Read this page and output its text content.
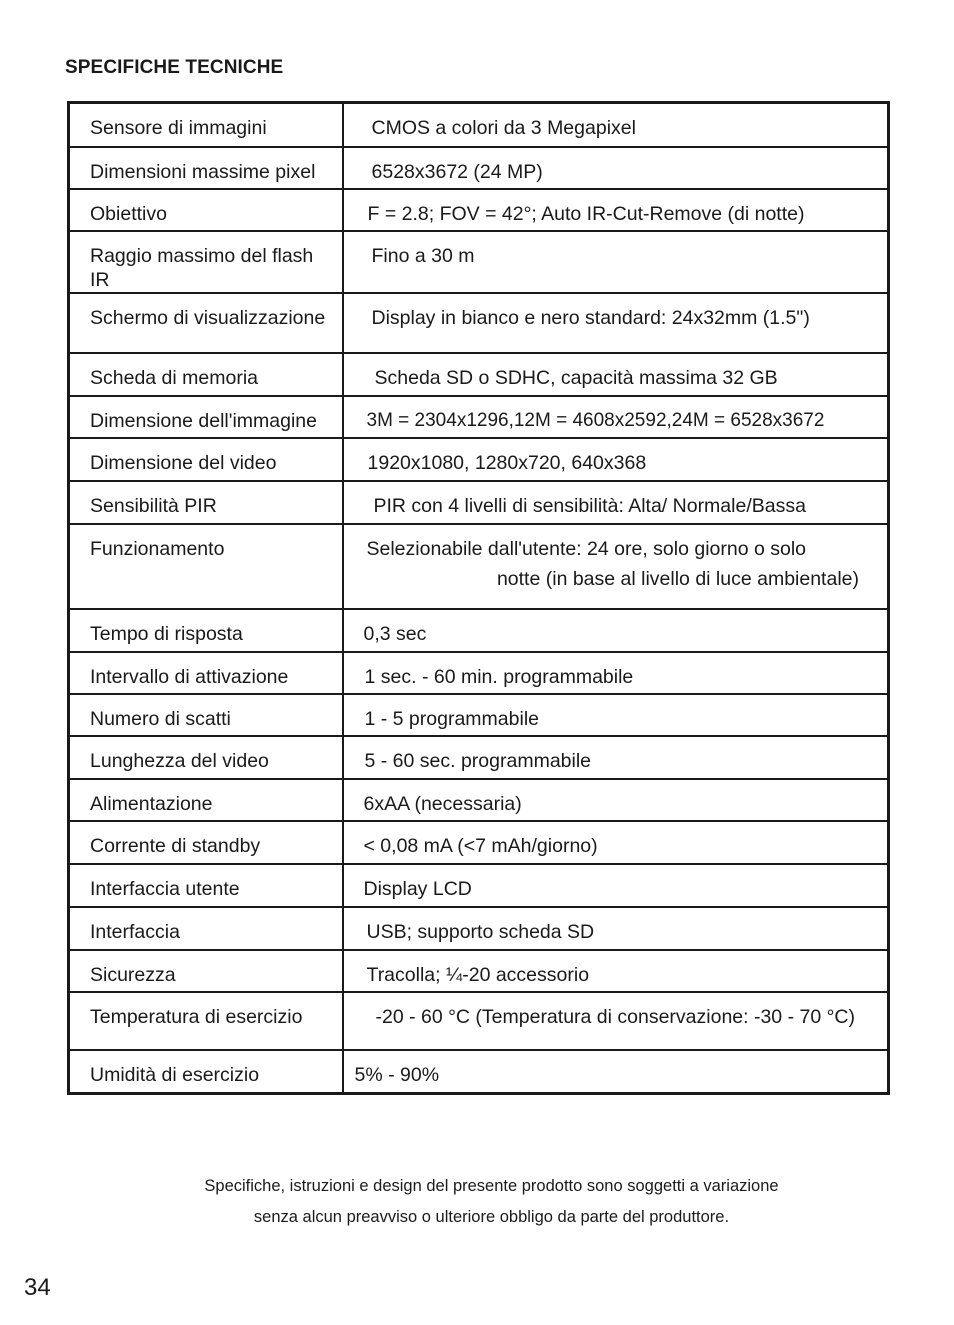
SPECIFICHE TECNICHE
Sensore di immagini	CMOS a colori da 3 Megapixel
Dimensioni massime pixel	6528x3672 (24 MP)
Obiettivo	F = 2.8; FOV = 42°; Auto IR-Cut-Remove (di notte)
Raggio massimo del flash IR	Fino a 30 m
Schermo di visualizzazione	Display in bianco e nero standard: 24x32mm (1.5")
Scheda di memoria	Scheda SD o SDHC, capacità massima 32 GB
Dimensione dell'immagine	3M = 2304x1296,12M = 4608x2592,24M = 6528x3672
Dimensione del video	1920x1080, 1280x720, 640x368
Sensibilità PIR	PIR con 4 livelli di sensibilità: Alta/ Normale/Bassa
Funzionamento	Selezionabile dall'utente: 24 ore, solo giorno o solo
notte (in base al livello di luce ambientale)

Tempo di risposta	0,3 sec
Intervallo di attivazione	1 sec. - 60 min. programmabile
Numero di scatti	1 - 5 programmabile
Lunghezza del video	5 - 60 sec. programmabile
Alimentazione	6xAA (necessaria)
Corrente di standby	< 0,08 mA (<7 mAh/giorno)
Interfaccia utente	Display LCD
Interfaccia	USB; supporto scheda SD
Sicurezza	Tracolla; ¼-20 accessorio
Temperatura di esercizio	-20 - 60 °C (Temperatura di conservazione: -30 - 70 °C)
Umidità di esercizio	5% - 90%
Specifiche, istruzioni e design del presente prodotto sono soggetti a variazione
senza alcun preavviso o ulteriore obbligo da parte del produttore.
34
